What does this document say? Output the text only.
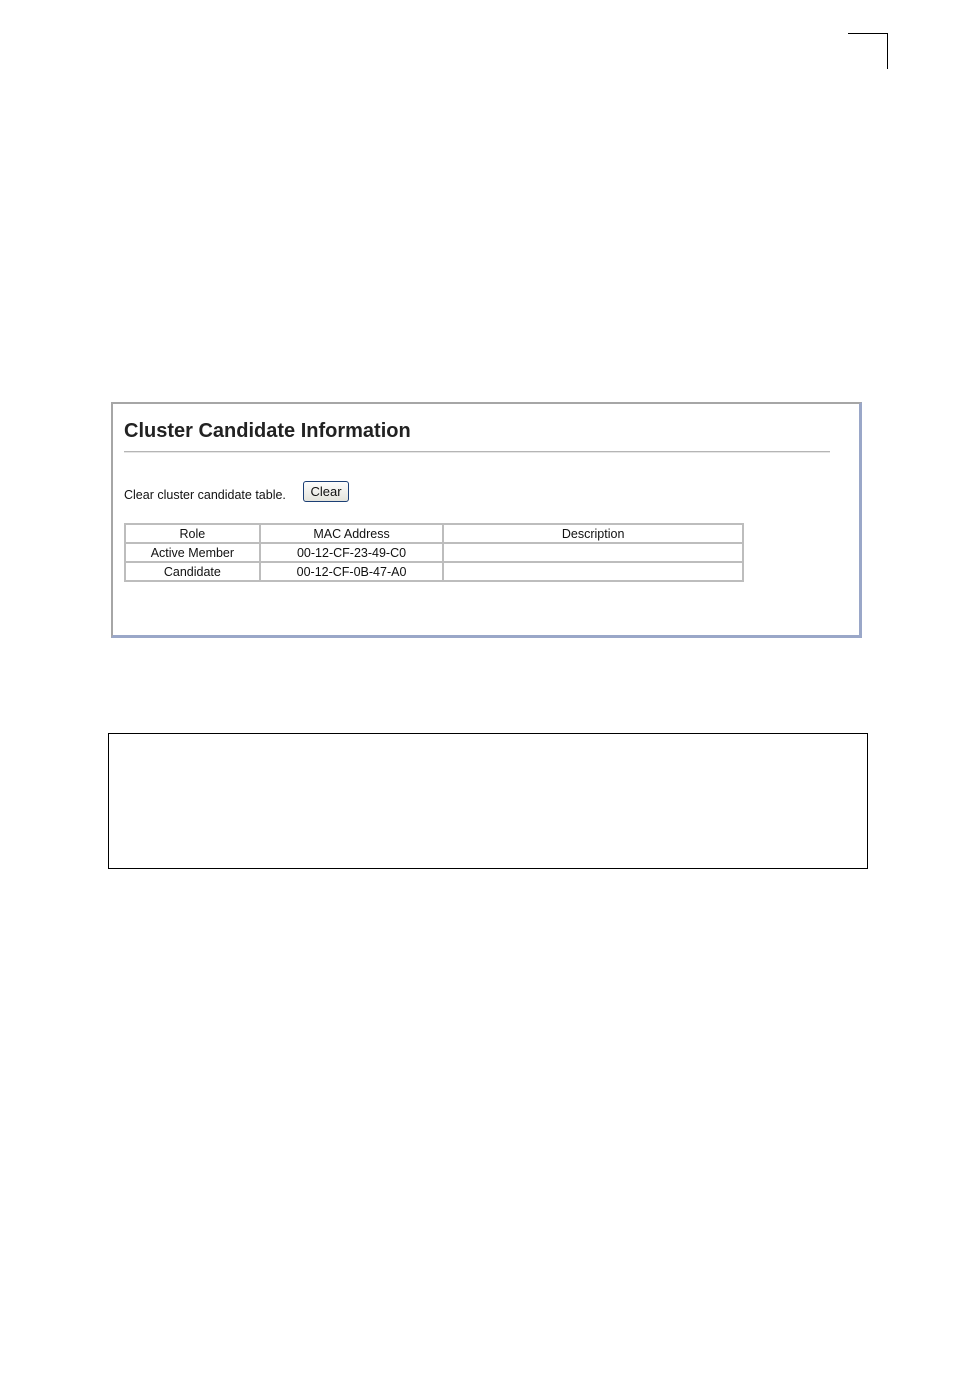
Cluster Candidate Information
Clear cluster candidate table.	Clear
Role	MAC Address	Description
Active Member	00-12-CF-23-49-C0	
Candidate	00-12-CF-0B-47-A0	
